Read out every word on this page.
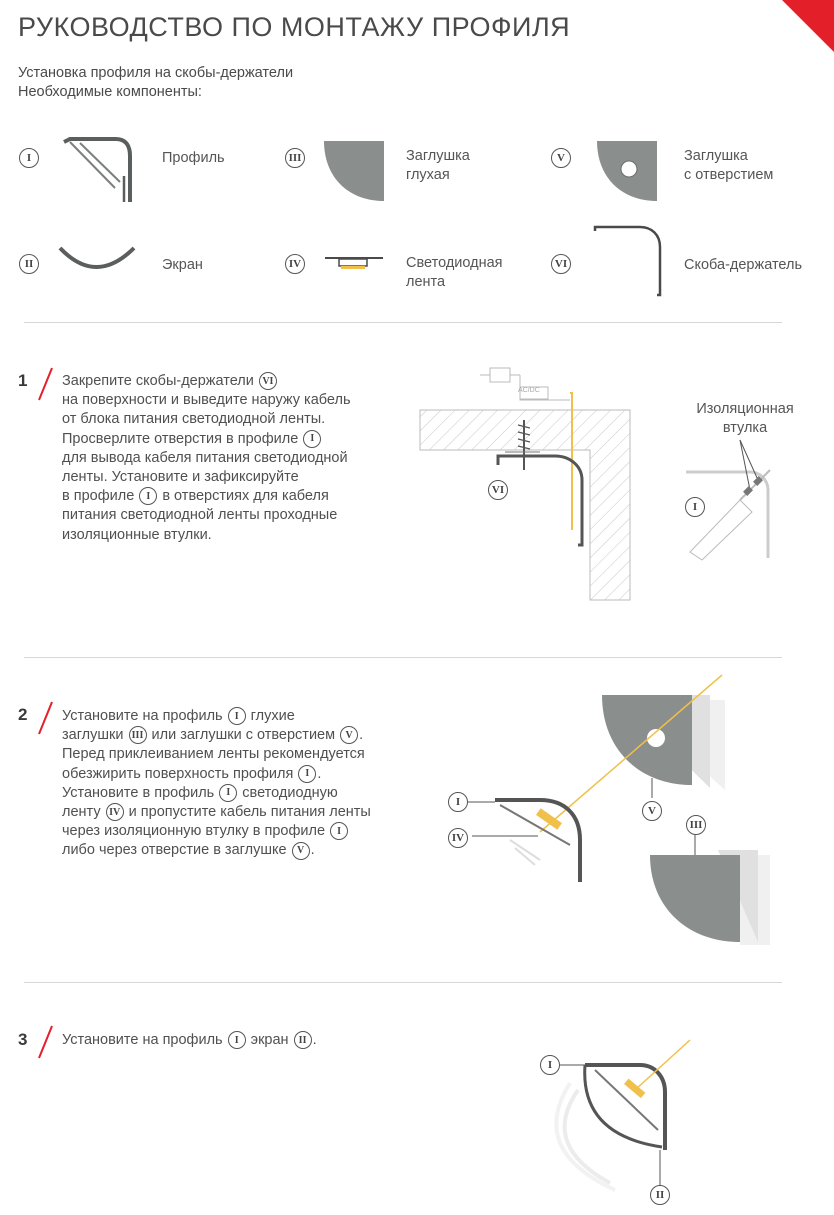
РУКОВОДСТВО ПО МОНТАЖУ ПРОФИЛЯ
Установка профиля на скобы-держатели
Необходимые компоненты:
I	Профиль
II	Экран
III	Заглушка
глухая
IV	Светодиодная
лента
V	Заглушка
с отверстием
VI	Скоба-держатель
1 Закрепите скобы-держатели VI
на поверхности и выведите наружу кабель
от блока питания светодиодной ленты.
Просверлите отверстия в профиле I
для вывода кабеля питания светодиодной
ленты. Установите и зафиксируйте
в профиле I в отверстиях для кабеля
питания светодиодной ленты проходные
изоляционные втулки.
AC/DC
VI
Изоляционная
втулка
I
2 Установите на профиль I глухие
заглушки III или заглушки с отверстием V .
Перед приклеиванием ленты рекомендуется
обезжирить поверхность профиля I .
Установите в профиль I светодиодную
ленту IV и пропустите кабель питания ленты
через изоляционную втулку в профиле I
либо через отверстие в заглушке V .
I
IV
V
III
3 Установите на профиль I экран II .
I
II
